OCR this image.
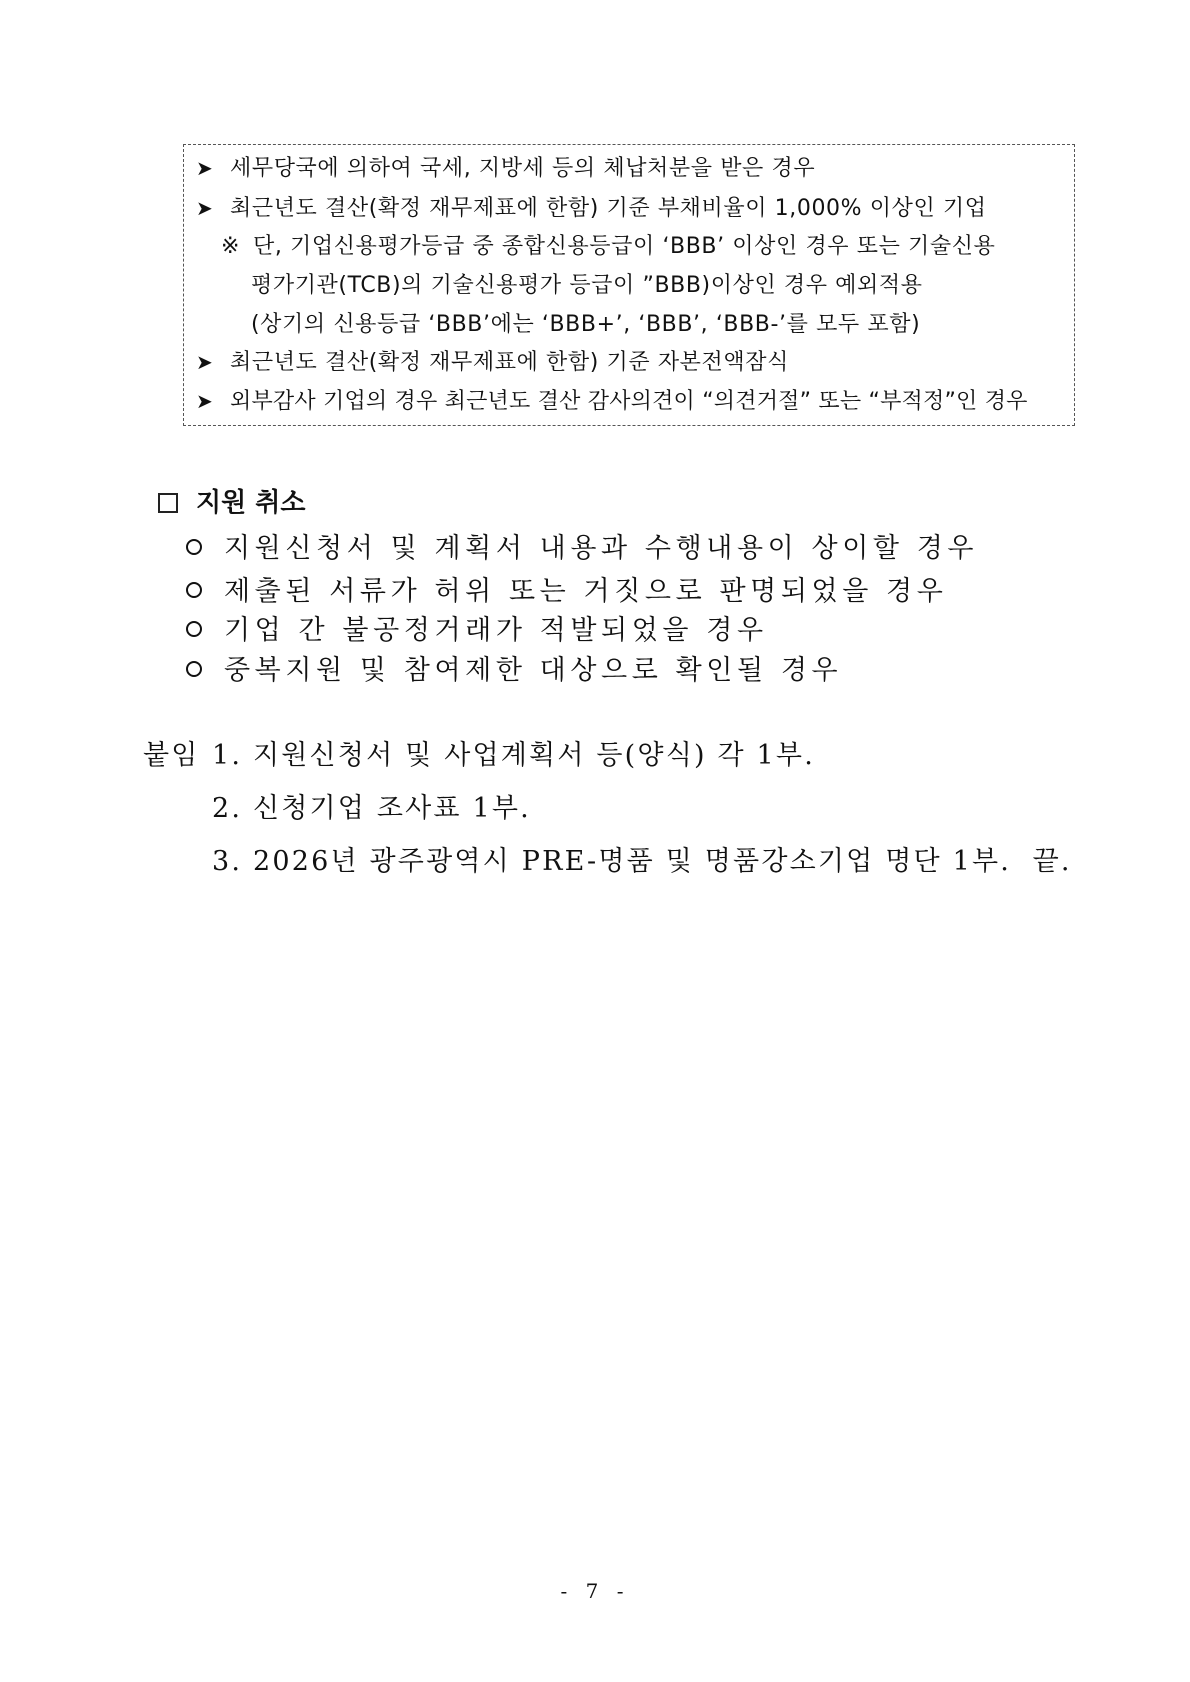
➤ 세무당국에 의하여 국세, 지방세 등의 체납처분을 받은 경우
➤ 최근년도 결산(확정 재무제표에 한함) 기준 부채비율이 1,000% 이상인 기업
※ 단, 기업신용평가등급 중 종합신용등급이 ‘BBB’ 이상인 경우 또는 기술신용
평가기관(TCB)의 기술신용평가 등급이 ”BBB)이상인 경우 예외적용
(상기의 신용등급 ‘BBB’에는 ‘BBB+’, ‘BBB’, ‘BBB-’를 모두 포함)
➤ 최근년도 결산(확정 재무제표에 한함) 기준 자본전액잠식
➤ 외부감사 기업의 경우 최근년도 결산 감사의견이 “의견거절” 또는 “부적정”인 경우
지원 취소
지원신청서 및 계획서 내용과 수행내용이 상이할 경우
제출된 서류가 허위 또는 거짓으로 판명되었을 경우
기업 간 불공정거래가 적발되었을 경우
중복지원 및 참여제한 대상으로 확인될 경우
붙임 1. 지원신청서 및 사업계획서 등(양식) 각 1부.
2. 신청기업 조사표 1부.
3. 2026년 광주광역시 PRE-명품 및 명품강소기업 명단 1부.  끝.
- 7 -
